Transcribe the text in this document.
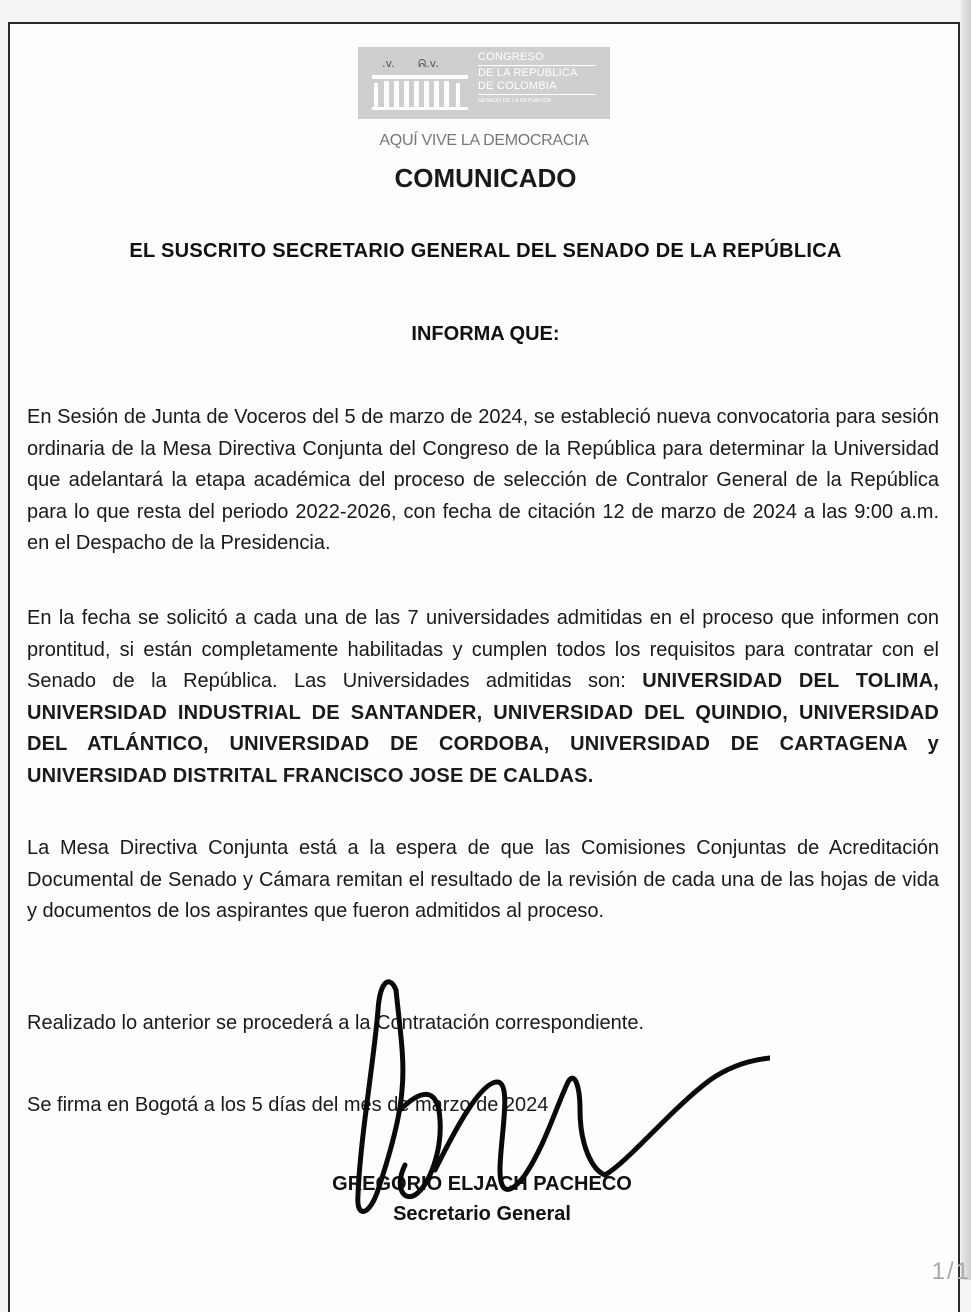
1/1
.v. ᕱ.v.	CONGRESO
DE LA REPÚBLICA
DE COLOMBIA
SENADO DE LA REPÚBLICA
AQUÍ VIVE LA DEMOCRACIA
COMUNICADO
EL SUSCRITO SECRETARIO GENERAL DEL SENADO DE LA REPÚBLICA
INFORMA QUE:

En Sesión de Junta de Voceros del 5 de marzo de 2024, se estableció nueva convocatoria para sesión ordinaria de la Mesa Directiva Conjunta del Congreso de la República para determinar la Universidad que adelantará la etapa académica del proceso de selección de Contralor General de la República para lo que resta del periodo 2022-2026, con fecha de citación 12 de marzo de 2024 a las 9:00 a.m. en el Despacho de la Presidencia.

En la fecha se solicitó a cada una de las 7 universidades admitidas en el proceso que informen con prontitud, si están completamente habilitadas y cumplen todos los requisitos para contratar con el Senado de la República. Las Universidades admitidas son: UNIVERSIDAD DEL TOLIMA, UNIVERSIDAD INDUSTRIAL DE SANTANDER, UNIVERSIDAD DEL QUINDIO, UNIVERSIDAD DEL ATLÁNTICO, UNIVERSIDAD DE CORDOBA, UNIVERSIDAD DE CARTAGENA y UNIVERSIDAD DISTRITAL FRANCISCO JOSE DE CALDAS.

La Mesa Directiva Conjunta está a la espera de que las Comisiones Conjuntas de Acreditación Documental de Senado y Cámara remitan el resultado de la revisión de cada una de las hojas de vida y documentos de los aspirantes que fueron admitidos al proceso.

Realizado lo anterior se procederá a la Contratación correspondiente.

Se firma en Bogotá a los 5 días del mes de marzo de 2024

GREGORIO ELJACH PACHECO
Secretario General
